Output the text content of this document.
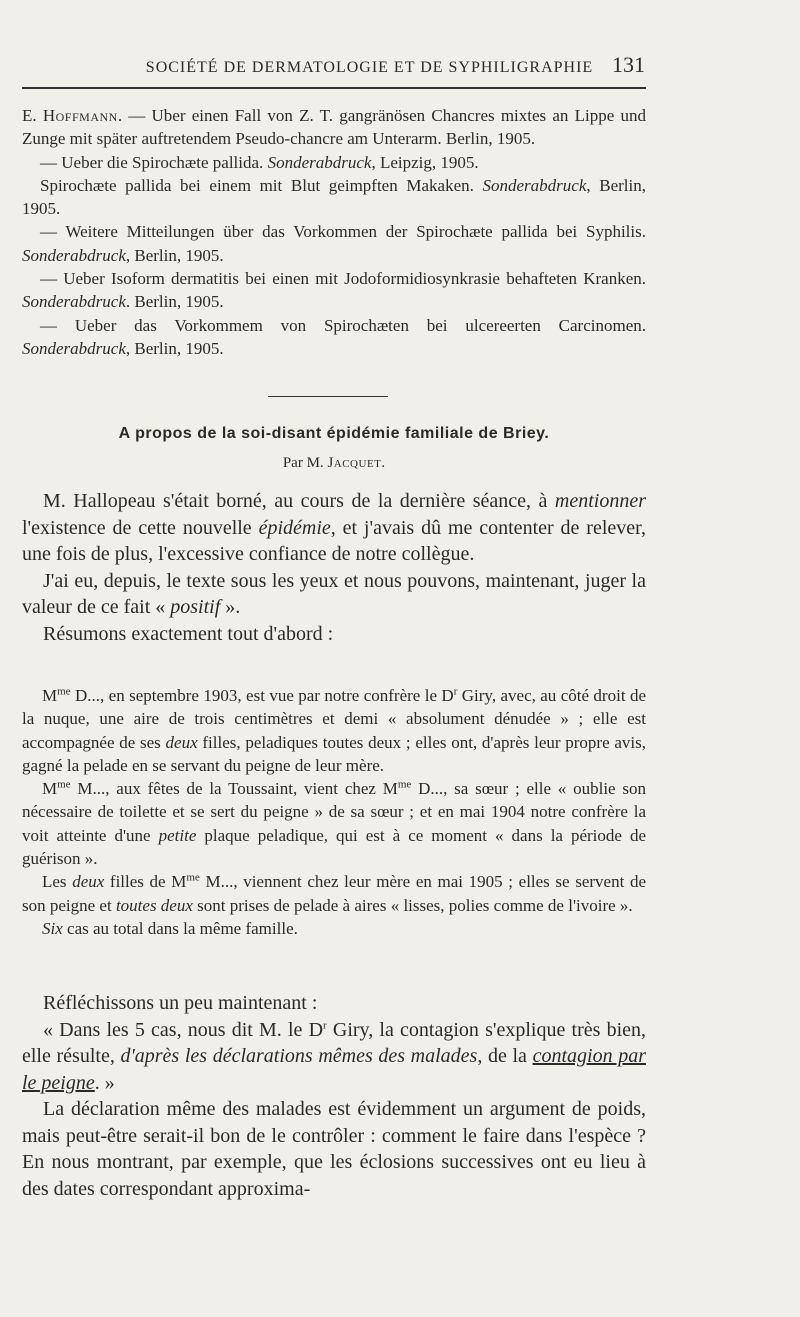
SOCIÉTÉ DE DERMATOLOGIE ET DE SYPHILIGRAPHIE 131

E. Hoffmann. — Uber einen Fall von Z. T. gangränösen Chancres mixtes an Lippe und Zunge mit später auftretendem Pseudo-chancre am Unterarm. Berlin, 1905.

— Ueber die Spirochæte pallida. Sonderabdruck, Leipzig, 1905.

Spirochæte pallida bei einem mit Blut geimpften Makaken. Sonderabdruck, Berlin, 1905.

— Weitere Mitteilungen über das Vorkommen der Spirochæte pallida bei Syphilis. Sonderabdruck, Berlin, 1905.

— Ueber Isoform dermatitis bei einen mit Jodoformidiosynkrasie behafteten Kranken. Sonderabdruck. Berlin, 1905.

— Ueber das Vorkommem von Spirochæten bei ulcereerten Carcinomen. Sonderabdruck, Berlin, 1905.

A propos de la soi-disant épidémie familiale de Briey.
Par M. Jacquet.

M. Hallopeau s'était borné, au cours de la dernière séance, à mentionner l'existence de cette nouvelle épidémie, et j'avais dû me contenter de relever, une fois de plus, l'excessive confiance de notre collègue.

J'ai eu, depuis, le texte sous les yeux et nous pouvons, maintenant, juger la valeur de ce fait « positif ».

Résumons exactement tout d'abord :

$M^{me}$ D..., en septembre 1903, est vue par notre confrère le $D^r$ Giry, avec, au côté droit de la nuque, une aire de trois centimètres et demi « absolument dénudée » ; elle est accompagnée de ses deux filles, peladiques toutes deux ; elles ont, d'après leur propre avis, gagné la pelade en se servant du peigne de leur mère.

$M^{me}$ M..., aux fêtes de la Toussaint, vient chez $M^{me}$ D..., sa sœur ; elle « oublie son nécessaire de toilette et se sert du peigne » de sa sœur ; et en mai 1904 notre confrère la voit atteinte d'une petite plaque peladique, qui est à ce moment « dans la période de guérison ».

Les deux filles de $M^{me}$ M..., viennent chez leur mère en mai 1905 ; elles se servent de son peigne et toutes deux sont prises de pelade à aires « lisses, polies comme de l'ivoire ».

Six cas au total dans la même famille.

Réfléchissons un peu maintenant :

« Dans les 5 cas, nous dit M. le $D^r$ Giry, la contagion s'explique très bien, elle résulte, d'après les déclarations mêmes des malades, de la contagion par le peigne. »

La déclaration même des malades est évidemment un argument de poids, mais peut-être serait-il bon de le contrôler : comment le faire dans l'espèce ? En nous montrant, par exemple, que les éclosions successives ont eu lieu à des dates correspondant approxima-
